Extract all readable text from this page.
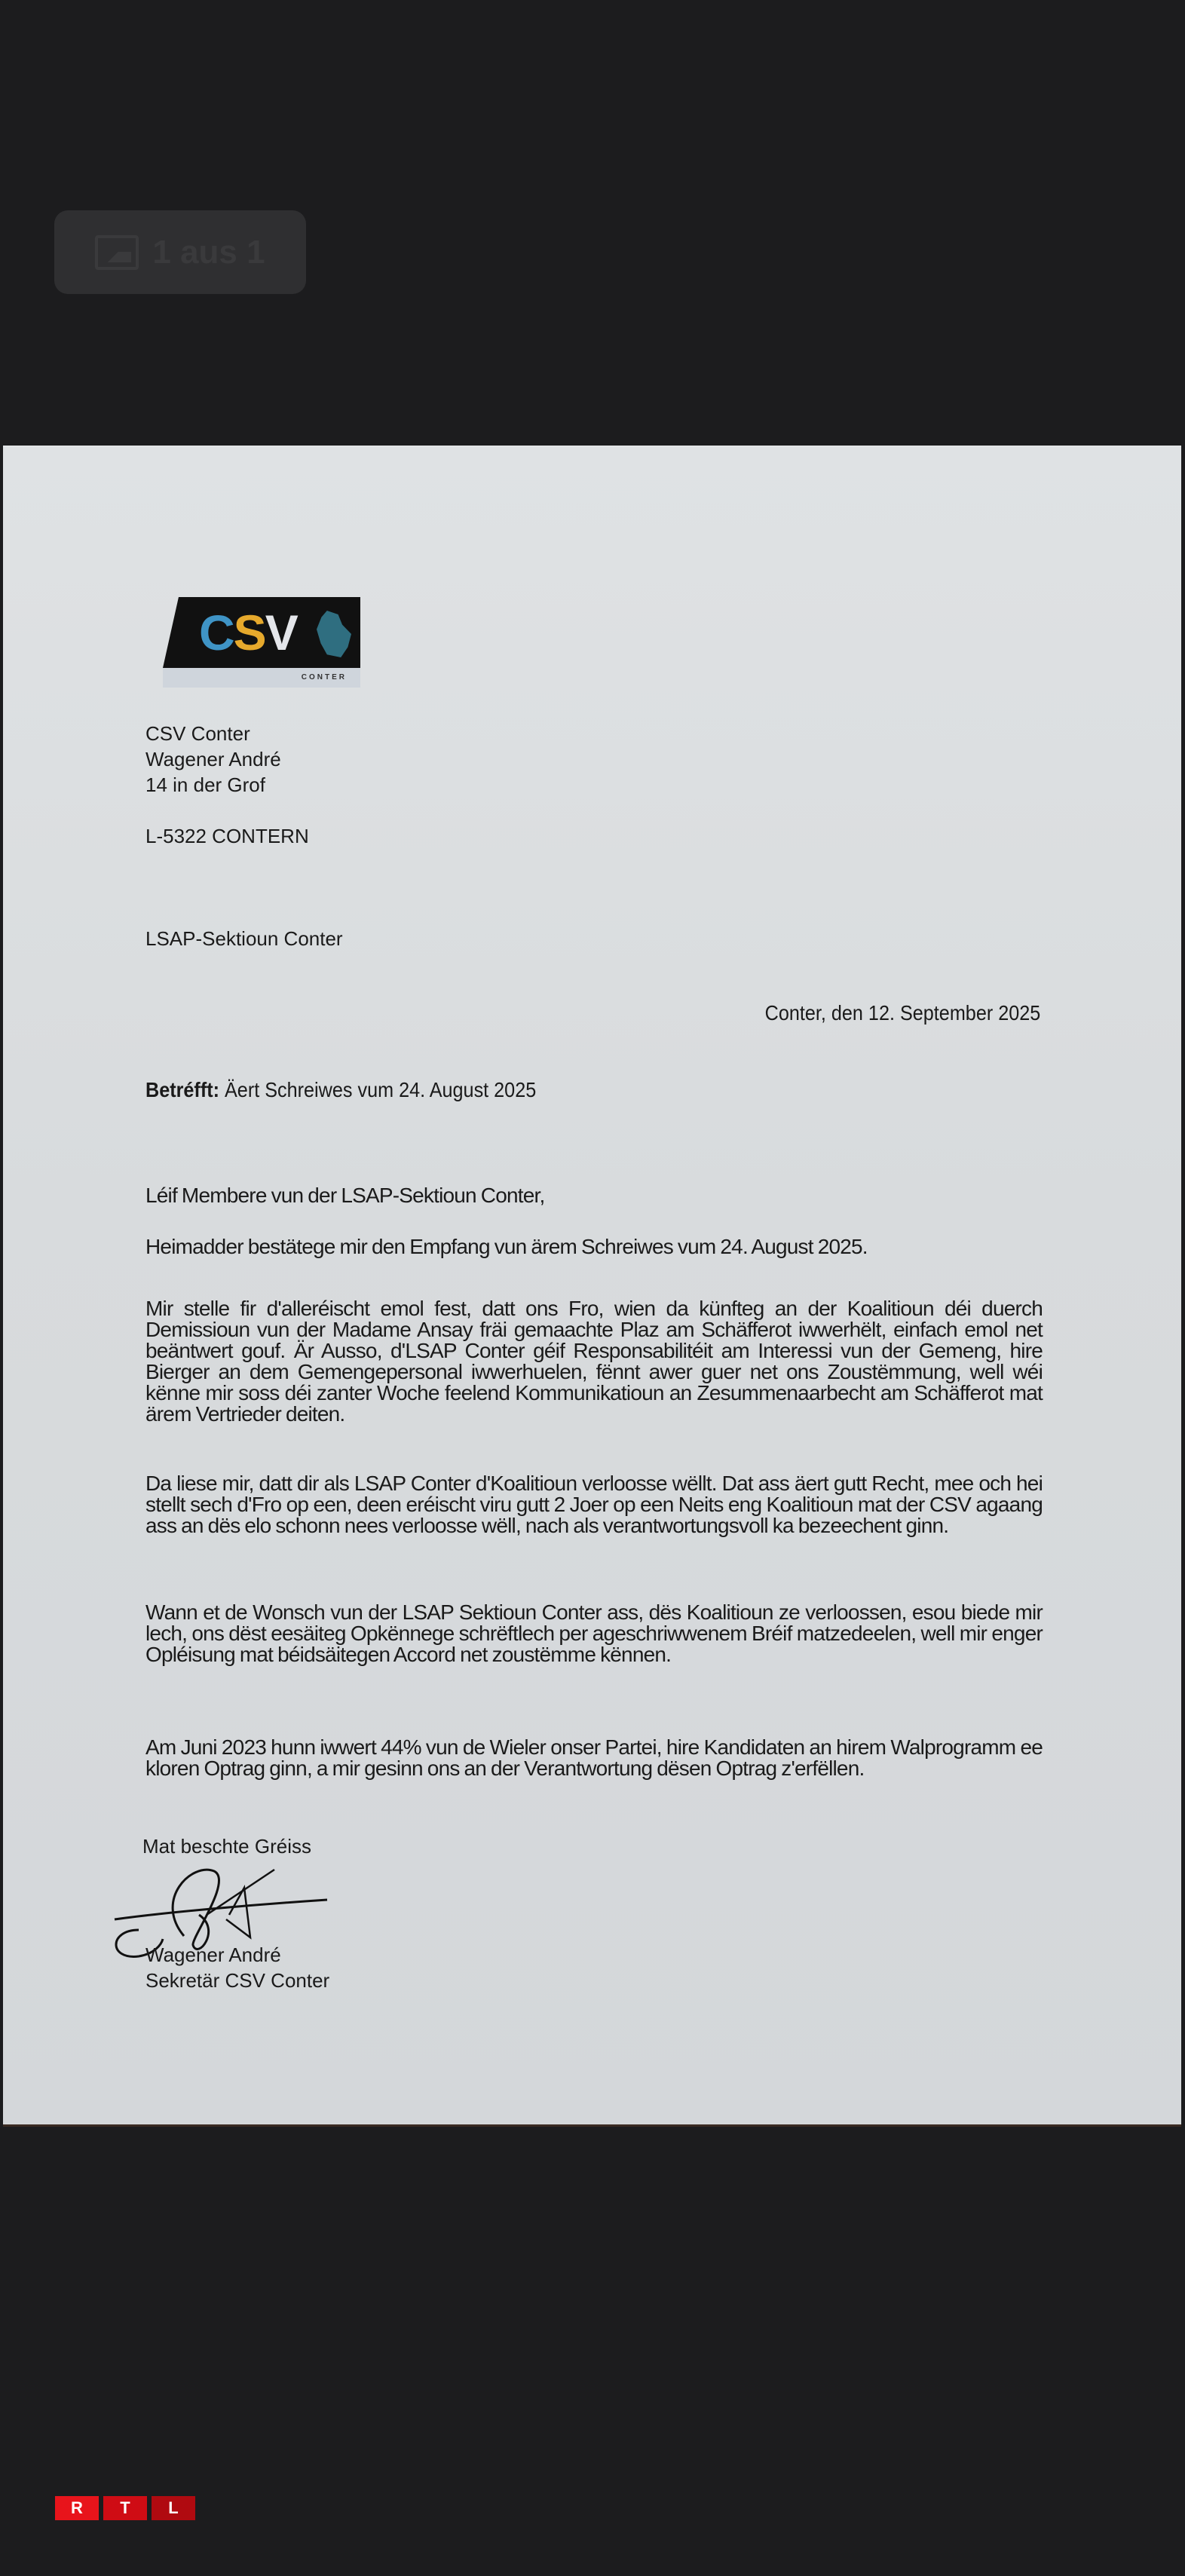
1 aus 1
CSV
CONTER
CSV Conter
Wagener André
14 in der Grof
L-5322 CONTERN
LSAP-Sektioun Conter
Conter, den 12. September 2025
Betréfft: Äert Schreiwes vum 24. August 2025
Léif Membere vun der LSAP-Sektioun Conter,
Heimadder bestätege mir den Empfang vun ärem Schreiwes vum 24. August 2025.
Mir stelle fir d'alleréischt emol fest, datt ons Fro, wien da künfteg an der Koalitioun déi duerch Demissioun vun der Madame Ansay fräi gemaachte Plaz am Schäfferot iwwerhëlt, einfach emol net beäntwert gouf. Är Ausso, d'LSAP Conter géif Responsabilitéit am Interessi vun der Gemeng, hire Bierger an dem Gemengepersonal iwwerhuelen, fënnt awer guer net ons Zoustëmmung, well wéi kënne mir soss déi zanter Woche feelend Kommunikatioun an Zesummenaarbecht am Schäfferot mat ärem Vertrieder deiten.
Da liese mir, datt dir als LSAP Conter d'Koalitioun verloosse wëllt. Dat ass äert gutt Recht, mee och hei stellt sech d'Fro op een, deen eréischt viru gutt 2 Joer op een Neits eng Koalitioun mat der CSV agaang ass an dës elo schonn nees verloosse wëll, nach als verantwortungsvoll ka bezeechent ginn.
Wann et de Wonsch vun der LSAP Sektioun Conter ass, dës Koalitioun ze verloossen, esou biede mir lech, ons dëst eesäiteg Opkënnege schrëftlech per ageschriwwenem Bréif matzedeelen, well mir enger Opléisung mat béidsäitegen Accord net zoustëmme kënnen.
Am Juni 2023 hunn iwwert 44% vun de Wieler onser Partei, hire Kandidaten an hirem Walprogramm ee kloren Optrag ginn, a mir gesinn ons an der Verantwortung dësen Optrag z'erfëllen.
Mat beschte Gréiss
Wagener André
Sekretär CSV Conter
R	T	L
